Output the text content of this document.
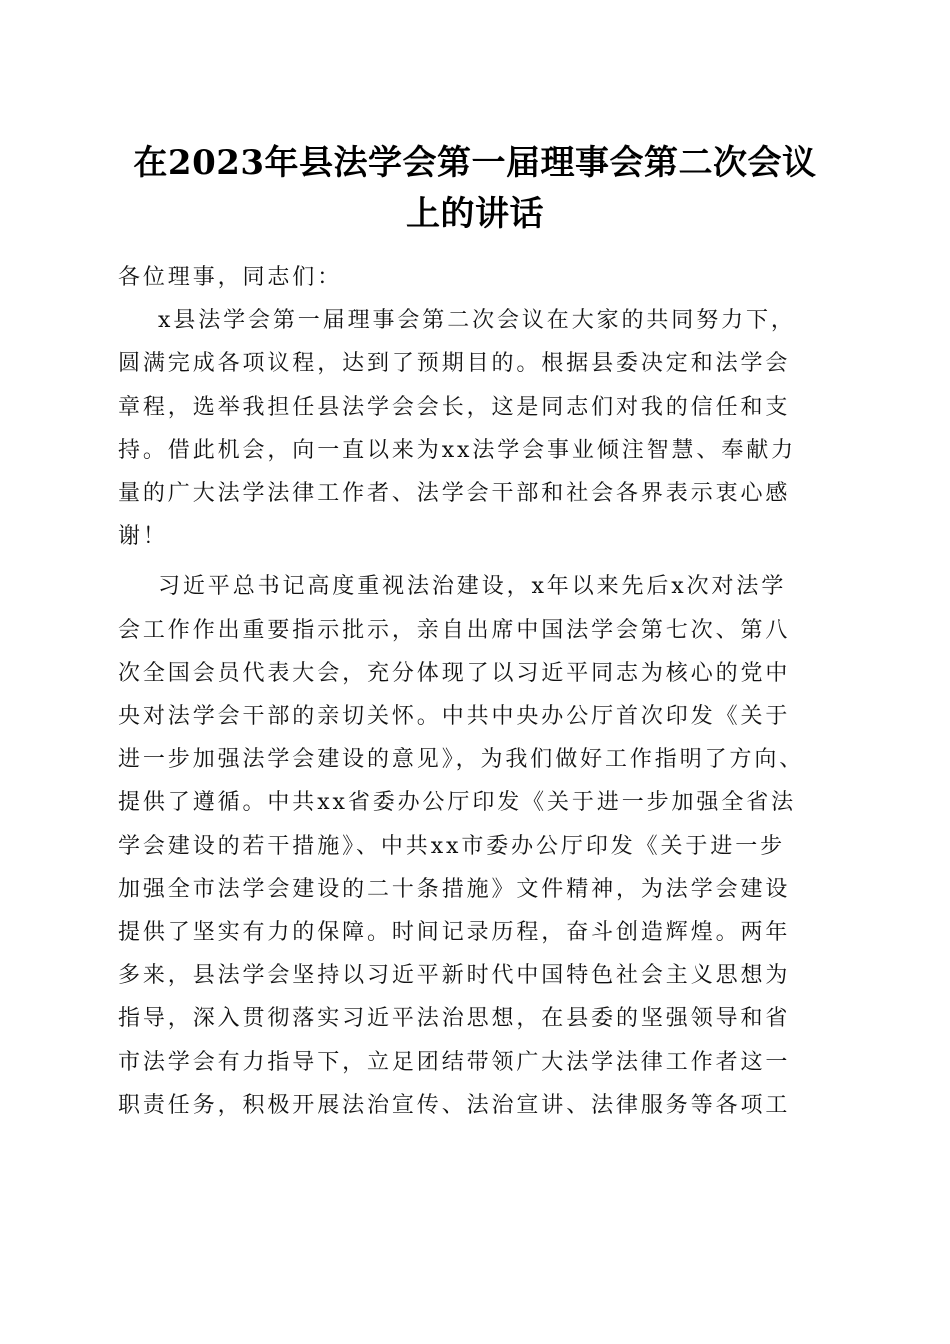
在2023年县法学会第一届理事会第二次会议
上的讲话
各位理事，同志们：
x县法学会第一届理事会第二次会议在大家的共同努力下，
圆满完成各项议程，达到了预期目的。根据县委决定和法学会
章程，选举我担任县法学会会长，这是同志们对我的信任和支
持。借此机会，向一直以来为xx法学会事业倾注智慧、奉献力
量的广大法学法律工作者、法学会干部和社会各界表示衷心感
谢！
习近平总书记高度重视法治建设，x年以来先后x次对法学
会工作作出重要指示批示，亲自出席中国法学会第七次、第八
次全国会员代表大会，充分体现了以习近平同志为核心的党中
央对法学会干部的亲切关怀。中共中央办公厅首次印发《关于
进一步加强法学会建设的意见》，为我们做好工作指明了方向、
提供了遵循。中共xx省委办公厅印发《关于进一步加强全省法
学会建设的若干措施》、中共xx市委办公厅印发《关于进一步
加强全市法学会建设的二十条措施》文件精神，为法学会建设
提供了坚实有力的保障。时间记录历程，奋斗创造辉煌。两年
多来，县法学会坚持以习近平新时代中国特色社会主义思想为
指导，深入贯彻落实习近平法治思想，在县委的坚强领导和省
市法学会有力指导下，立足团结带领广大法学法律工作者这一
职责任务，积极开展法治宣传、法治宣讲、法律服务等各项工
